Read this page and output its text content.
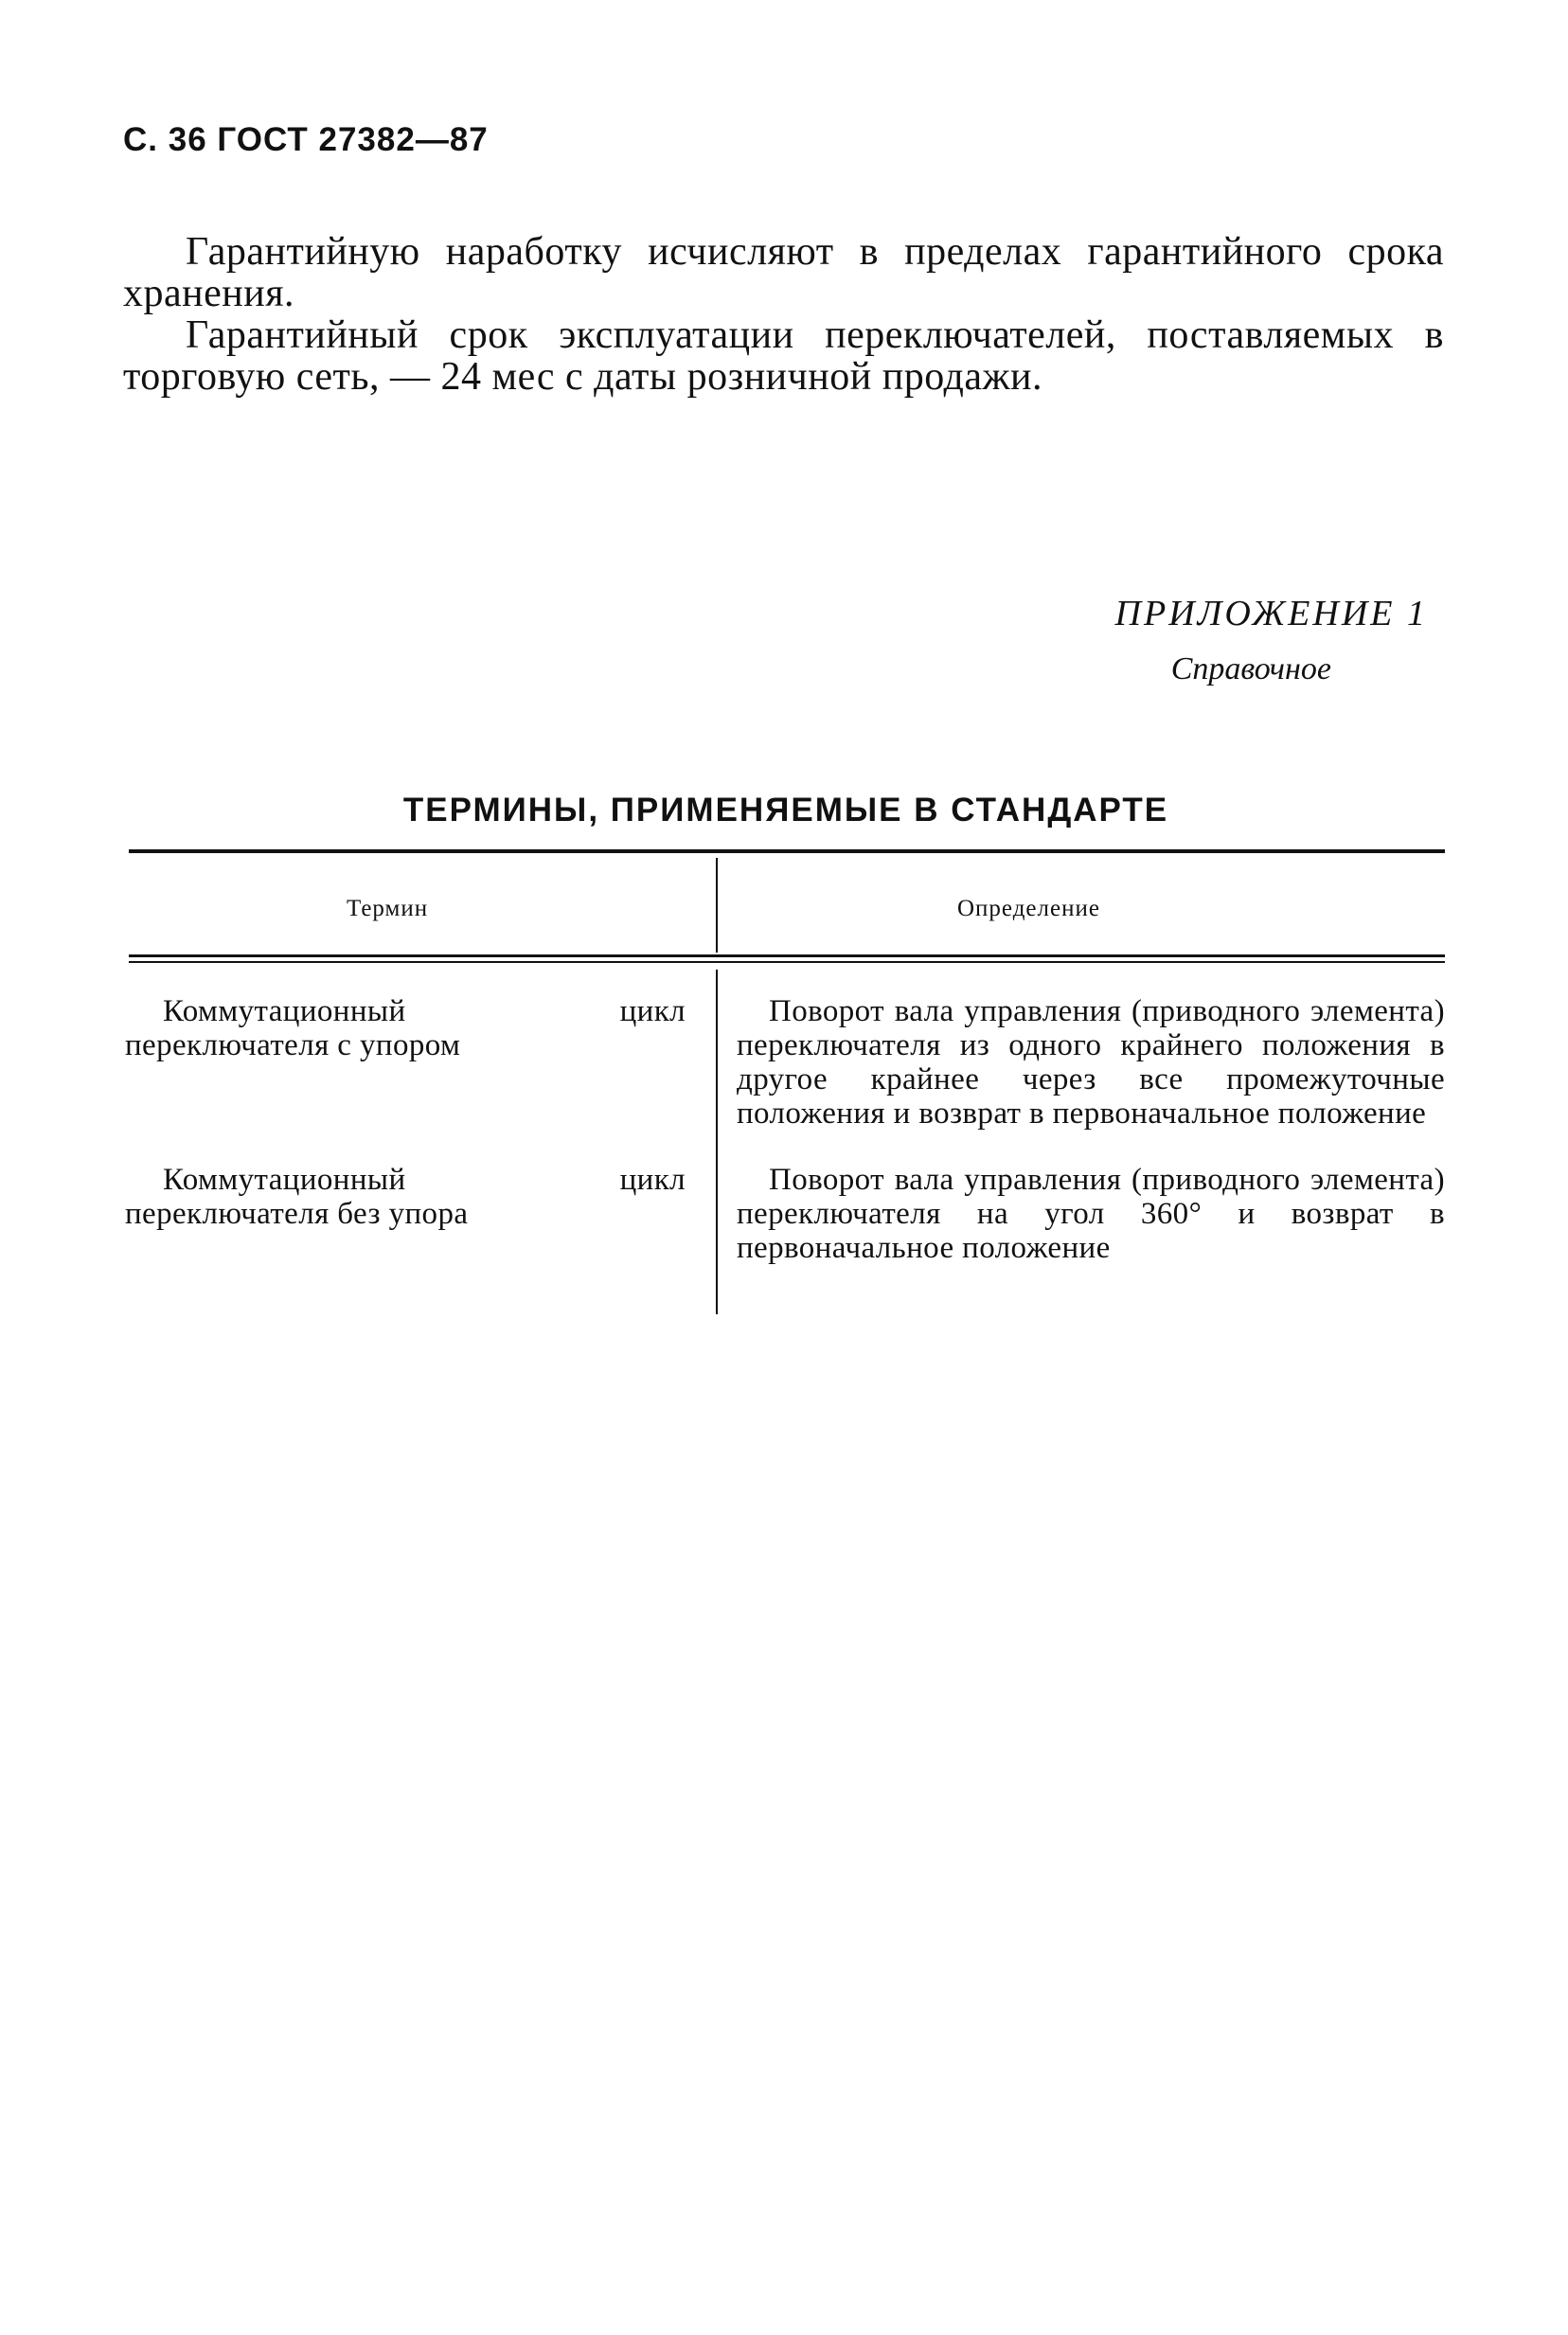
С. 36 ГОСТ 27382—87

Гарантийную наработку исчисляют в пределах гарантийного срока хранения.

Гарантийный срок эксплуатации переключателей, поставляемых в торговую сеть, — 24 мес с даты розничной продажи.

ПРИЛОЖЕНИЕ 1
Справочное
ТЕРМИНЫ, ПРИМЕНЯЕМЫЕ В СТАНДАРТЕ
Термин	Определение

Коммутационный цикл переключателя с упором

Поворот вала управления (приводного элемента) переключателя из одного крайнего положения в другое крайнее через все промежуточные положения и возврат в первоначальное положение

Коммутационный цикл переключателя без упора

Поворот вала управления (приводного элемента) переключателя на угол 360° и возврат в первоначальное положение
